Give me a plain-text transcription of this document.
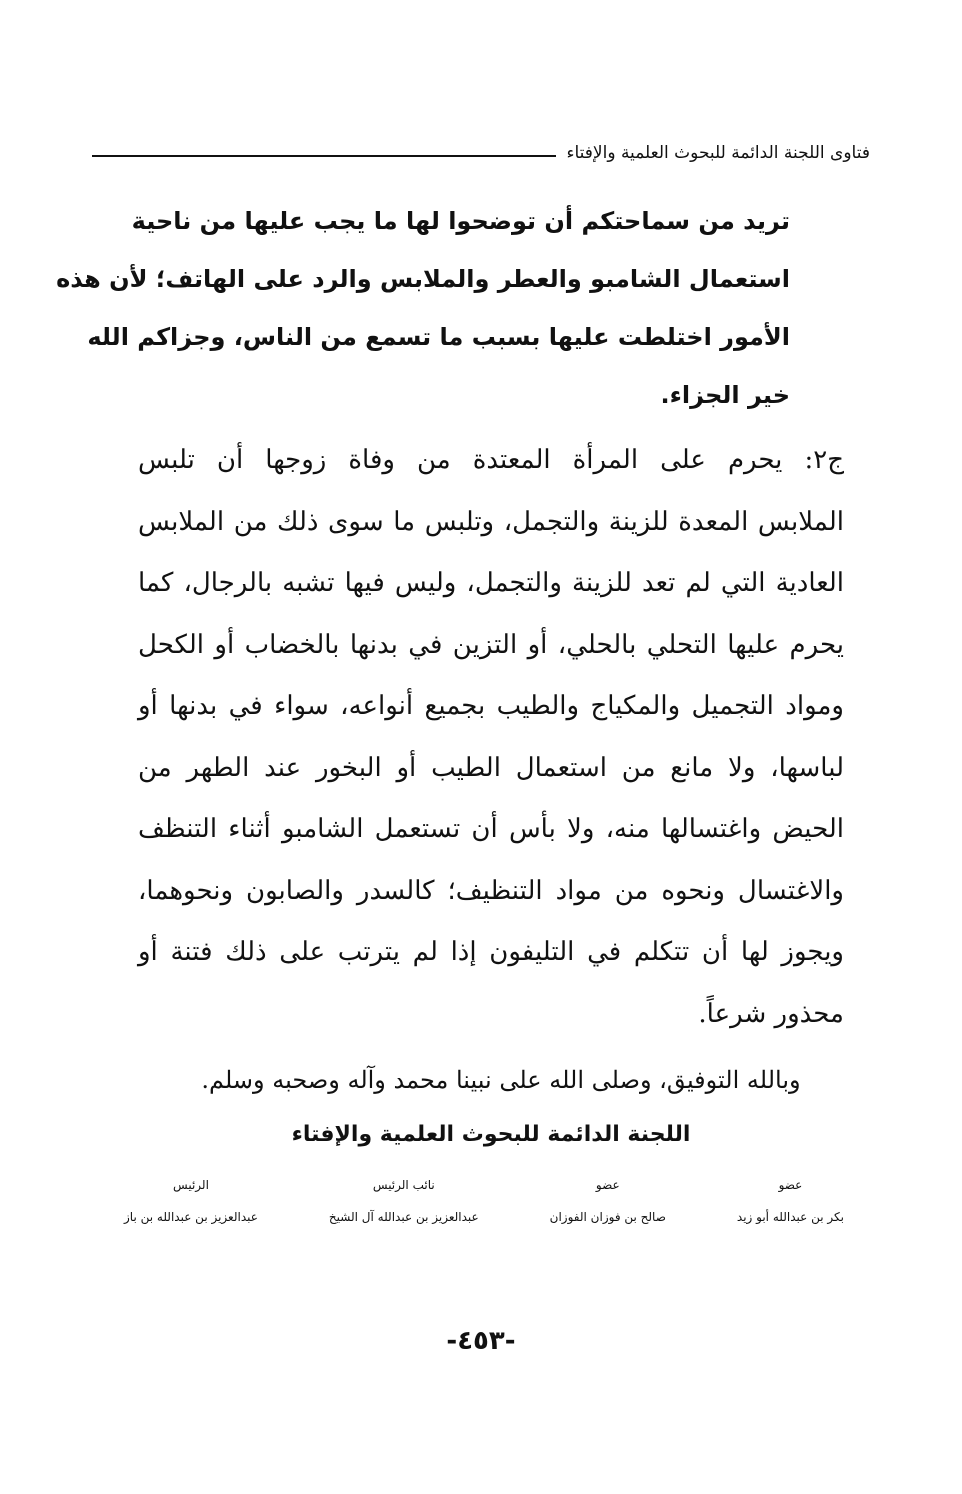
فتاوى اللجنة الدائمة للبحوث العلمية والإفتاء
تريد من سماحتكم أن توضحوا لها ما يجب عليها من ناحية
استعمال الشامبو والعطر والملابس والرد على الهاتف؛ لأن هذه
الأمور اختلطت عليها بسبب ما تسمع من الناس، وجزاكم الله
خير الجزاء.
ج٢: يحرم على المرأة المعتدة من وفاة زوجها أن تلبس
الملابس المعدة للزينة والتجمل، وتلبس ما سوى ذلك من الملابس
العادية التي لم تعد للزينة والتجمل، وليس فيها تشبه بالرجال، كما
يحرم عليها التحلي بالحلي، أو التزين في بدنها بالخضاب أو الكحل
ومواد التجميل والمكياج والطيب بجميع أنواعه، سواء في بدنها أو
لباسها، ولا مانع من استعمال الطيب أو البخور عند الطهر من
الحيض واغتسالها منه، ولا بأس أن تستعمل الشامبو أثناء التنظف
والاغتسال ونحوه من مواد التنظيف؛ كالسدر والصابون ونحوهما،
ويجوز لها أن تتكلم في التليفون إذا لم يترتب على ذلك فتنة أو
محذور شرعاً.
وبالله التوفيق، وصلى الله على نبينا محمد وآله وصحبه وسلم.
اللجنة الدائمة للبحوث العلمية والإفتاء
عضو
بكر بن عبدالله أبو زيد
عضو
صالح بن فوزان الفوزان
نائب الرئيس
عبدالعزيز بن عبدالله آل الشيخ
الرئيس
عبدالعزيز بن عبدالله بن باز
-٤٥٣-
